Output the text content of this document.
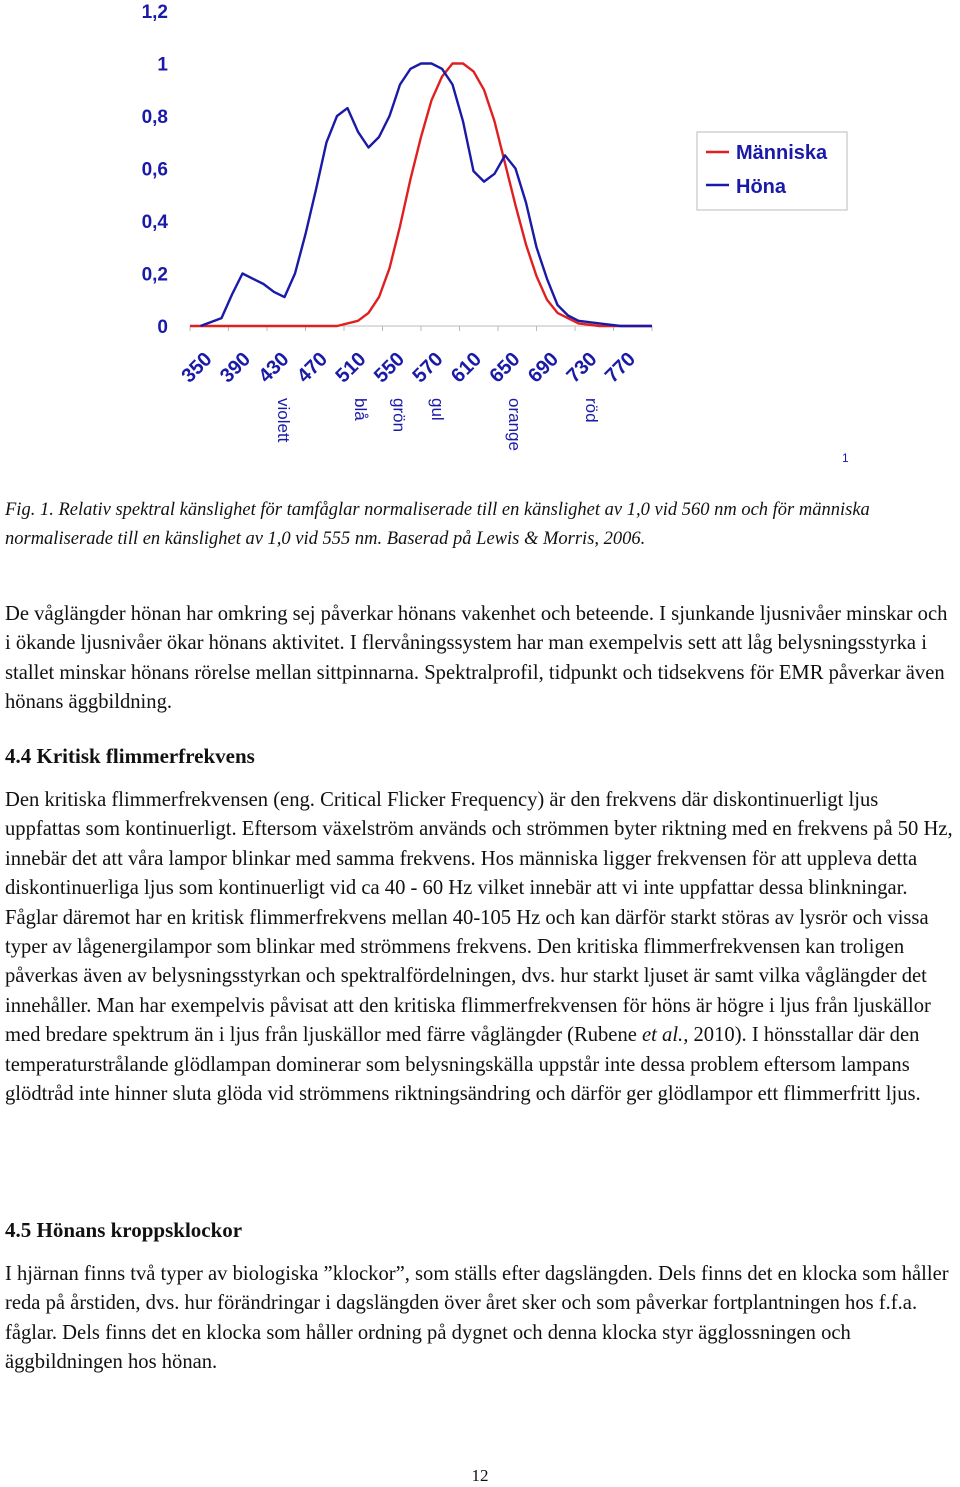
1,2
1
0,8
0,6
0,4
0,2
0
350 390 430 470 510 550 570 610 650 690 730 770
violett	blå grön gul	orange	röd
Människa
Höna
1

Fig. 1. Relativ spektral känslighet för tamfåglar normaliserade till en känslighet av 1,0 vid 560 nm och för människa normaliserade till en känslighet av 1,0 vid 555 nm. Baserad på Lewis & Morris, 2006.

De våglängder hönan har omkring sej påverkar hönans vakenhet och beteende. I sjunkande ljusnivåer minskar och i ökande ljusnivåer ökar hönans aktivitet. I flervåningssystem har man exempelvis sett att låg belysningsstyrka i stallet minskar hönans rörelse mellan sittpinnarna. Spektralprofil, tidpunkt och tidsekvens för EMR påverkar även hönans äggbildning.

4.4 Kritisk flimmerfrekvens

Den kritiska flimmerfrekvensen (eng. Critical Flicker Frequency) är den frekvens där diskontinuerligt ljus uppfattas som kontinuerligt. Eftersom växelström används och strömmen byter riktning med en frekvens på 50 Hz, innebär det att våra lampor blinkar med samma frekvens. Hos människa ligger frekvensen för att uppleva detta diskontinuerliga ljus som kontinuerligt vid ca 40 - 60 Hz vilket innebär att vi inte uppfattar dessa blinkningar. Fåglar däremot har en kritisk flimmerfrekvens mellan 40-105 Hz och kan därför starkt störas av lysrör och vissa typer av lågenergilampor som blinkar med strömmens frekvens. Den kritiska flimmerfrekvensen kan troligen påverkas även av belysningsstyrkan och spektralfördelningen, dvs. hur starkt ljuset är samt vilka våglängder det innehåller. Man har exempelvis påvisat att den kritiska flimmerfrekvensen för höns är högre i ljus från ljuskällor med bredare spektrum än i ljus från ljuskällor med färre våglängder (Rubene et al., 2010). I hönsstallar där den temperaturstrålande glödlampan dominerar som belysningskälla uppstår inte dessa problem eftersom lampans glödtråd inte hinner sluta glöda vid strömmens riktningsändring och därför ger glödlampor ett flimmerfritt ljus.

4.5 Hönans kroppsklockor

I hjärnan finns två typer av biologiska ”klockor”, som ställs efter dagslängden. Dels finns det en klocka som håller reda på årstiden, dvs. hur förändringar i dagslängden över året sker och som påverkar fortplantningen hos f.f.a. fåglar. Dels finns det en klocka som håller ordning på dygnet och denna klocka styr ägglossningen och äggbildningen hos hönan.

12
